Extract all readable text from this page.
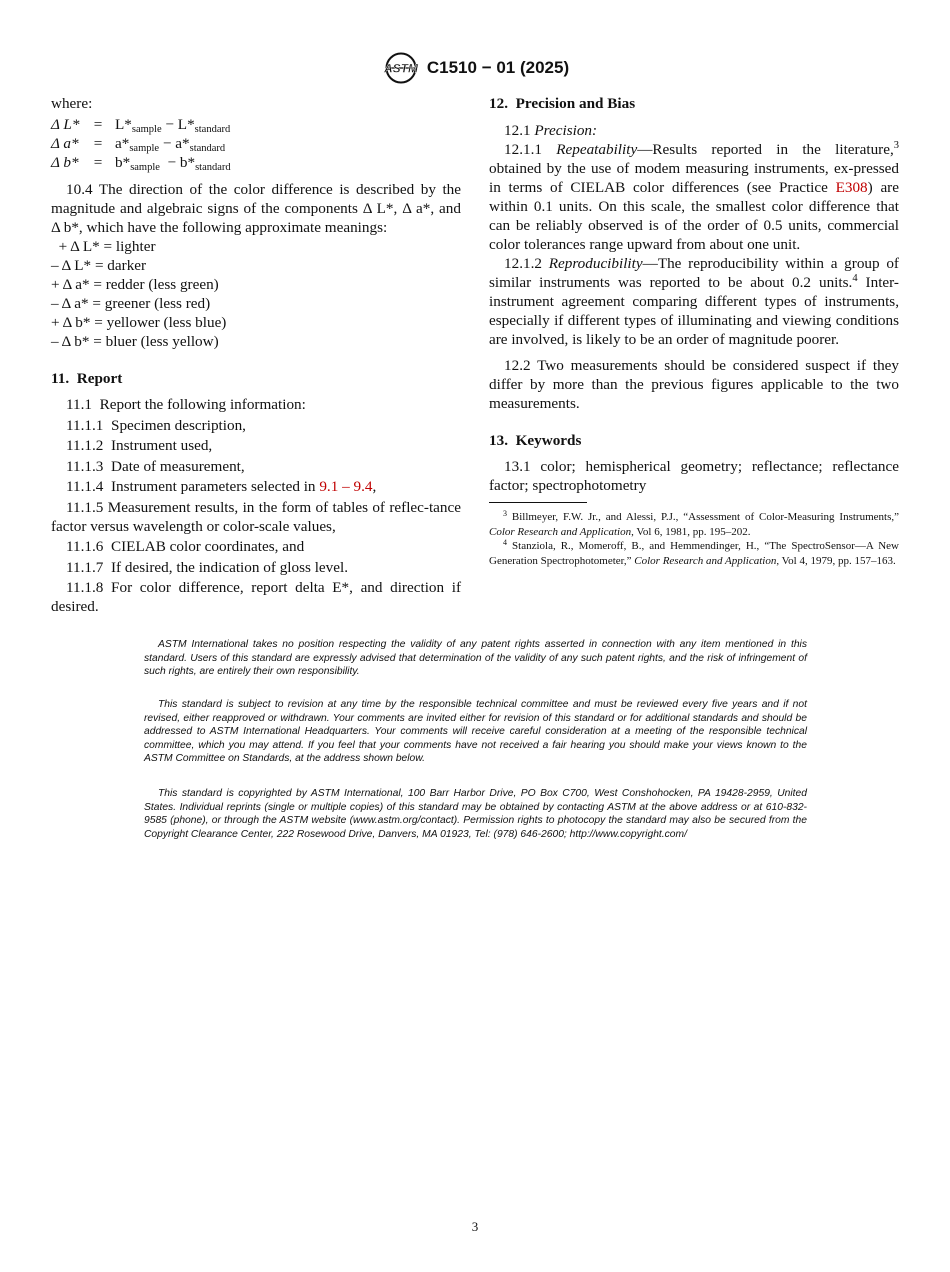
ASTM C1510 − 01 (2025)

where:

Δ $L* = L*_{sample} - L*_{standard}$
Δ $a* = a*_{sample} - a*_{standard}$
Δ $b* = b*_{sample} - b*_{standard}$

10.4 The direction of the color difference is described by the magnitude and algebraic signs of the components Δ L*, Δ a*, and Δ b*, which have the following approximate meanings:

+ Δ L* = lighter
– Δ L* = darker
+ Δ a* = redder (less green)
– Δ a* = greener (less red)
+ Δ b* = yellower (less blue)
– Δ b* = bluer (less yellow)

11.  Report

11.1  Report the following information:

11.1.1  Specimen description,

11.1.2  Instrument used,

11.1.3  Date of measurement,

11.1.4  Instrument parameters selected in 9.1 – 9.4,

11.1.5 Measurement results, in the form of tables of reflec-tance factor versus wavelength or color-scale values,

11.1.6  CIELAB color coordinates, and

11.1.7  If desired, the indication of gloss level.

11.1.8 For color difference, report delta E*, and direction if desired.

12.  Precision and Bias

12.1 Precision:

12.1.1 Repeatability—Results reported in the literature,$^3$ obtained by the use of modem measuring instruments, ex-pressed in terms of CIELAB color differences (see Practice E308) are within 0.1 units. On this scale, the smallest color difference that can be reliably observed is of the order of 0.5 units, commercial color tolerances range upward from about one unit.

12.1.2 Reproducibility—The reproducibility within a group of similar instruments was reported to be about 0.2 units.$^4$ Inter-instrument agreement comparing different types of instruments, especially if different types of illuminating and viewing conditions are involved, is likely to be an order of magnitude poorer.

12.2 Two measurements should be considered suspect if they differ by more than the previous figures applicable to the two measurements.

13.  Keywords

13.1 color; hemispherical geometry; reflectance; reflectance factor; spectrophotometry

$^3$ Billmeyer, F.W. Jr., and Alessi, P.J., “Assessment of Color-Measuring Instruments,” Color Research and Application, Vol 6, 1981, pp. 195–202.

$^4$ Stanziola, R., Momeroff, B., and Hemmendinger, H., “The SpectroSensor—A New Generation Spectrophotometer,” Color Research and Application, Vol 4, 1979, pp. 157–163.

ASTM International takes no position respecting the validity of any patent rights asserted in connection with any item mentioned in this standard. Users of this standard are expressly advised that determination of the validity of any such patent rights, and the risk of infringement of such rights, are entirely their own responsibility.

This standard is subject to revision at any time by the responsible technical committee and must be reviewed every five years and if not revised, either reapproved or withdrawn. Your comments are invited either for revision of this standard or for additional standards and should be addressed to ASTM International Headquarters. Your comments will receive careful consideration at a meeting of the responsible technical committee, which you may attend. If you feel that your comments have not received a fair hearing you should make your views known to the ASTM Committee on Standards, at the address shown below.

This standard is copyrighted by ASTM International, 100 Barr Harbor Drive, PO Box C700, West Conshohocken, PA 19428-2959, United States. Individual reprints (single or multiple copies) of this standard may be obtained by contacting ASTM at the above address or at 610-832-9585 (phone), or through the ASTM website (www.astm.org/contact). Permission rights to photocopy the standard may also be secured from the Copyright Clearance Center, 222 Rosewood Drive, Danvers, MA 01923, Tel: (978) 646-2600; http://www.copyright.com/

3
